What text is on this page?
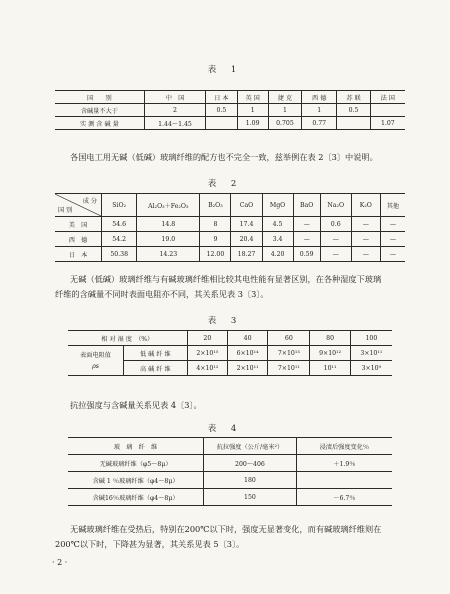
表 1
国　　别	中　国	日 本	英 国	捷 克	西 德	苏 联	法 国
含碱量不大于	2	0.5	1	1	1	0.5	
实 测 含 碱 量	1.44～1.45		1.09	0.705	0.77		1.07
各国电工用无碱（低碱）玻璃纤维的配方也不完全一致，兹举例在表 2〔3〕中说明。
表 2
成 分
国 别	SiO₂	Al₂O₃＋Fe₂O₃	B₂O₃	CaO	MgO	BaO	Na₂O	K₂O	其他
美　国	54.6	14.8	8	17.4	4.5	—	0.6	—	—
西　德	54.2	19.0	9	20.4	3.4	—	—	—	—
日　本	50.38	14.23	12.00	18.27	4.20	0.59	—	—	—
无碱（低碱）玻璃纤维与有碱玻璃纤维相比较其电性能有显著区别，在各种湿度下玻璃
纤维的含碱量不同时表面电阻亦不同，其关系见表 3〔3〕。
表 3
相 对 湿 度　（%）		20	40	60	80	100

表面电阻值
ρs	低 碱 纤 维	2×10¹⁵	6×10¹⁴	7×10¹³	9×10¹²	3×10¹¹
	高 碱 纤 维	4×10¹²	2×10¹¹	7×10¹¹	10¹¹	3×10⁹
抗拉强度与含碱量关系见表 4〔3〕。
表 4
玻　璃　纤　维	抗拉强度（公斤/毫米²）	浸渍后强度变化％
无碱玻璃纤维（φ5～8μ）	200～406	＋1.9％
含碱 1 ％玻璃纤维（φ4～8μ）	180	
含碱16％玻璃纤维（φ4～8μ）	150	－6.7％
无碱玻璃纤维在受热后，特别在200℃以下时，强度无显著变化，而有碱玻璃纤维则在
200℃以下时，下降甚为显著，其关系见表 5〔3〕。
· 2 ·
